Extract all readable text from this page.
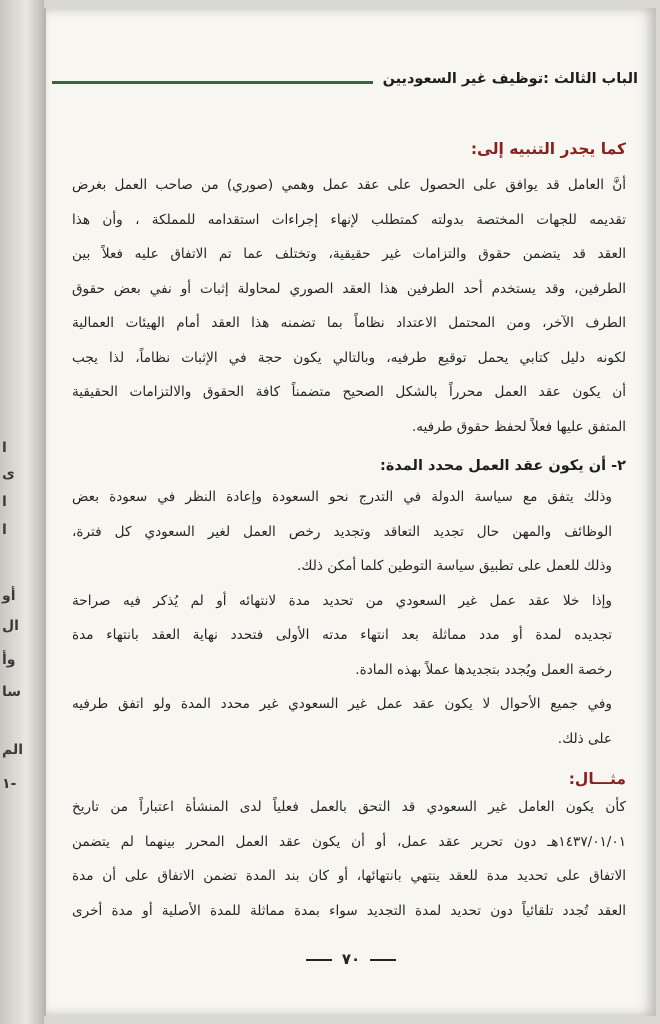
ا
ی
ا
ا
أو
ال
وأ
سا
الم
١-
الباب الثالث :توظيف غير السعوديين

كما يجدر التنبيه إلى:

أنَّ العامل قد يوافق على الحصول على عقد عمل وهمي (صوري) من صاحب العمل بغرض

تقديمه للجهات المختصة بدولته كمتطلب لإنهاء إجراءات استقدامه للمملكة ، وأن هذا

العقد قد يتضمن حقوق والتزامات غير حقيقية، وتختلف عما تم الاتفاق عليه فعلاً بين

الطرفين، وقد يستخدم أحد الطرفين هذا العقد الصوري لمحاولة إثبات أو نفي بعض حقوق

الطرف الآخر، ومن المحتمل الاعتداد نظاماً بما تضمنه هذا العقد أمام الهيئات العمالية

لكونه دليل كتابي يحمل توقيع طرفيه، وبالتالي يكون حجة في الإثبات نظاماً، لذا يجب

أن يكون عقد العمل محرراً بالشكل الصحيح متضمناً كافة الحقوق والالتزامات الحقيقية

المتفق عليها فعلاً لحفظ حقوق طرفيه.

٢- أن يكون عقد العمل محدد المدة:

وذلك يتفق مع سياسة الدولة في التدرج نحو السعودة وإعادة النظر في سعودة بعض

الوظائف والمهن حال تجديد التعاقد وتجديد رخص العمل لغير السعودي كل فترة،

وذلك للعمل على تطبيق سياسة التوطين كلما أمكن ذلك.

وإذا خلا عقد عمل غير السعودي من تحديد مدة لانتهائه أو لم يُذكر فيه صراحة

تجديده لمدة أو مدد مماثلة بعد انتهاء مدته الأولى فتحدد نهاية العقد بانتهاء مدة

رخصة العمل ويُجدد بتجديدها عملاً بهذه المادة.

وفي جميع الأحوال لا يكون عقد عمل غير السعودي غير محدد المدة ولو اتفق طرفيه

على ذلك.

مثـــال:

كأن يكون العامل غير السعودي قد التحق بالعمل فعلياً لدى المنشأة اعتباراً من تاريخ

١٤٣٧/٠١/٠١هـ دون تحرير عقد عمل، أو أن يكون عقد العمل المحرر بينهما لم يتضمن

الاتفاق على تحديد مدة للعقد ينتهي بانتهائها، أو كان بند المدة تضمن الاتفاق على أن مدة

العقد تُجدد تلقائياً دون تحديد لمدة التجديد سواء بمدة مماثلة للمدة الأصلية أو مدة أخرى

٧٠
